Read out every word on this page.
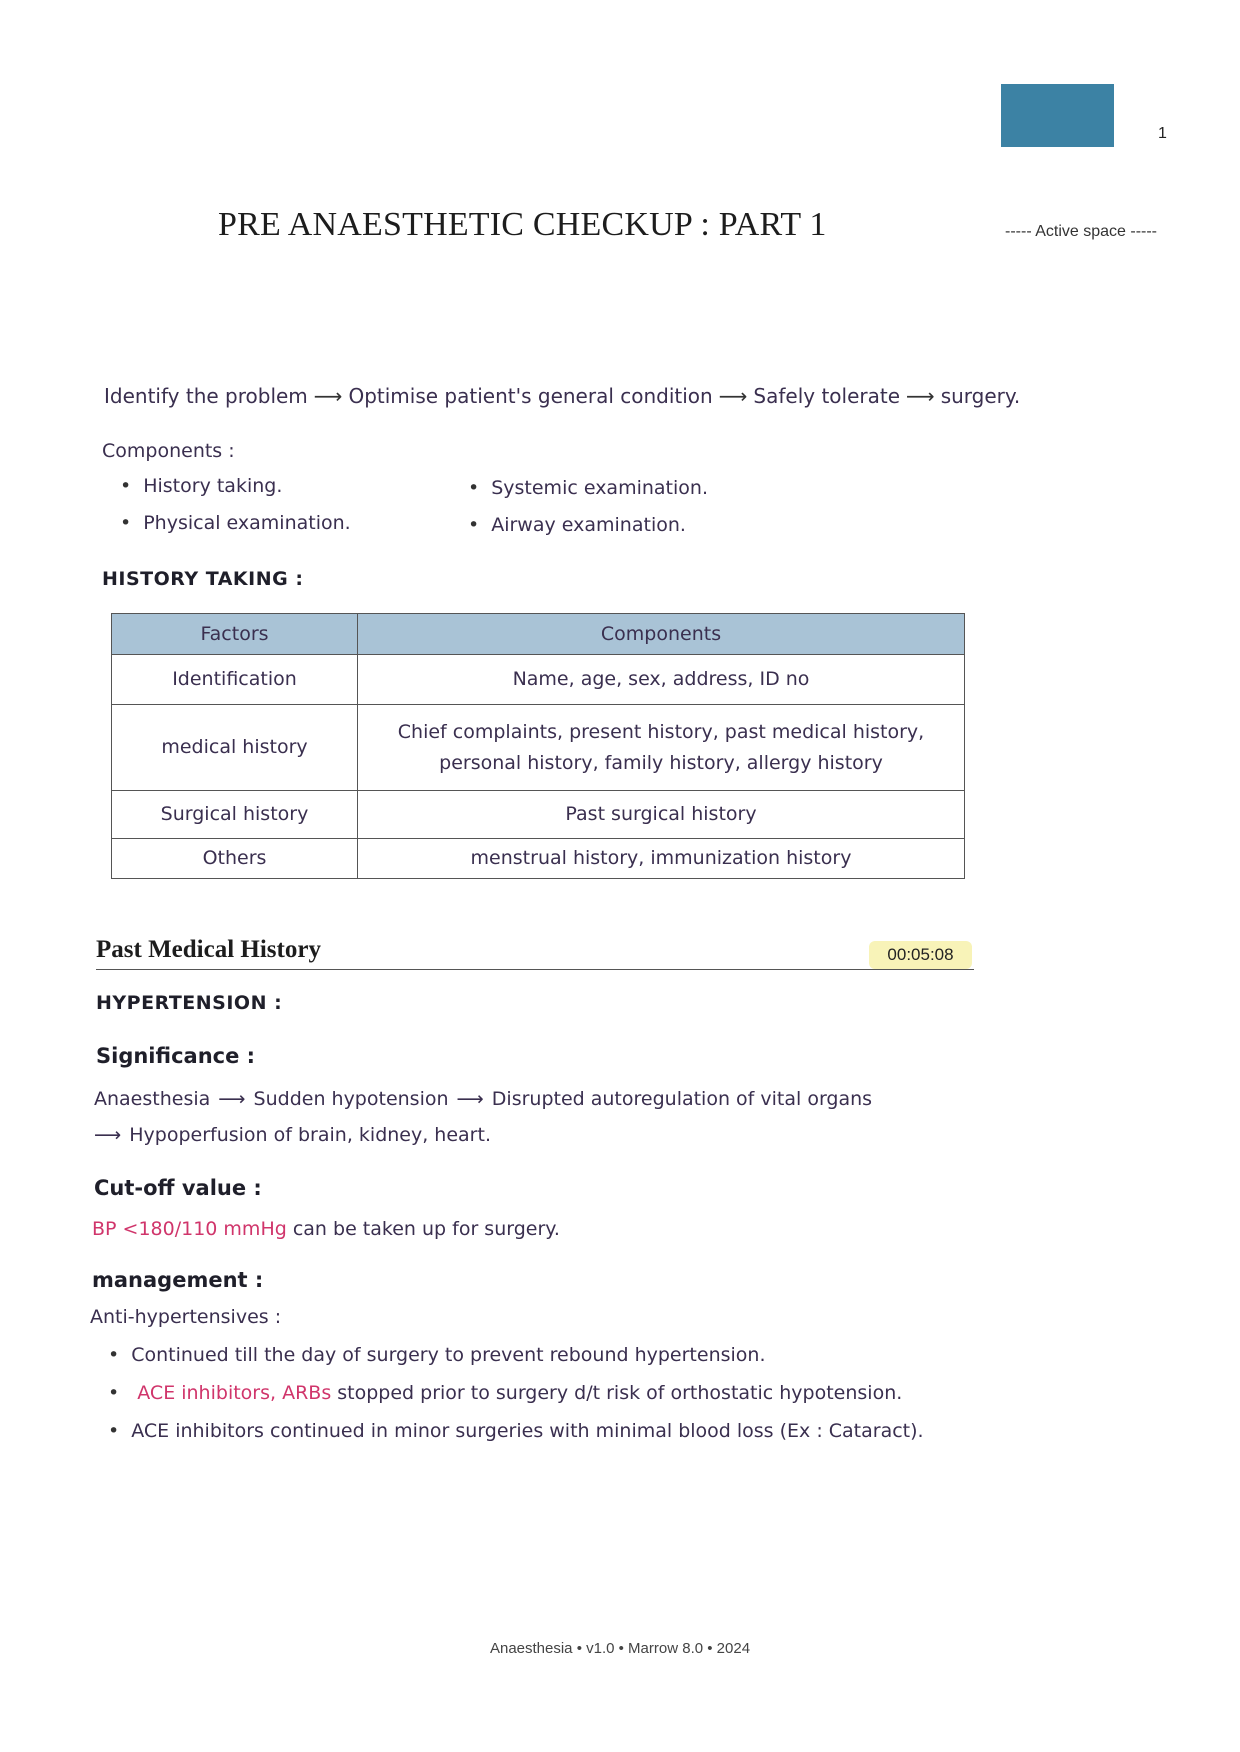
1
PRE ANAESTHETIC CHECKUP : PART 1	----- Active space -----
Identify the problem ⟶ Optimise patient's general condition ⟶ Safely tolerate ⟶ surgery.
Components :
• History taking.
• Physical examination.
• Systemic examination.
• Airway examination.
HISTORY TAKING :
Factors	Components
Identification	Name, age, sex, address, ID no
medical history	Chief complaints, present history, past medical history, personal history, family history, allergy history
Surgical history	Past surgical history
Others	menstrual history, immunization history
Past Medical History	00:05:08
HYPERTENSION :
Significance :
Anaesthesia ⟶ Sudden hypotension ⟶ Disrupted autoregulation of vital organs
⟶ Hypoperfusion of brain, kidney, heart.
Cut-off value :
BP <180/110 mmHg can be taken up for surgery.
management :
Anti-hypertensives :
• Continued till the day of surgery to prevent rebound hypertension.
• ACE inhibitors, ARBs stopped prior to surgery d/t risk of orthostatic hypotension.
• ACE inhibitors continued in minor surgeries with minimal blood loss (Ex : Cataract).
Anaesthesia • v1.0 • Marrow 8.0 • 2024
